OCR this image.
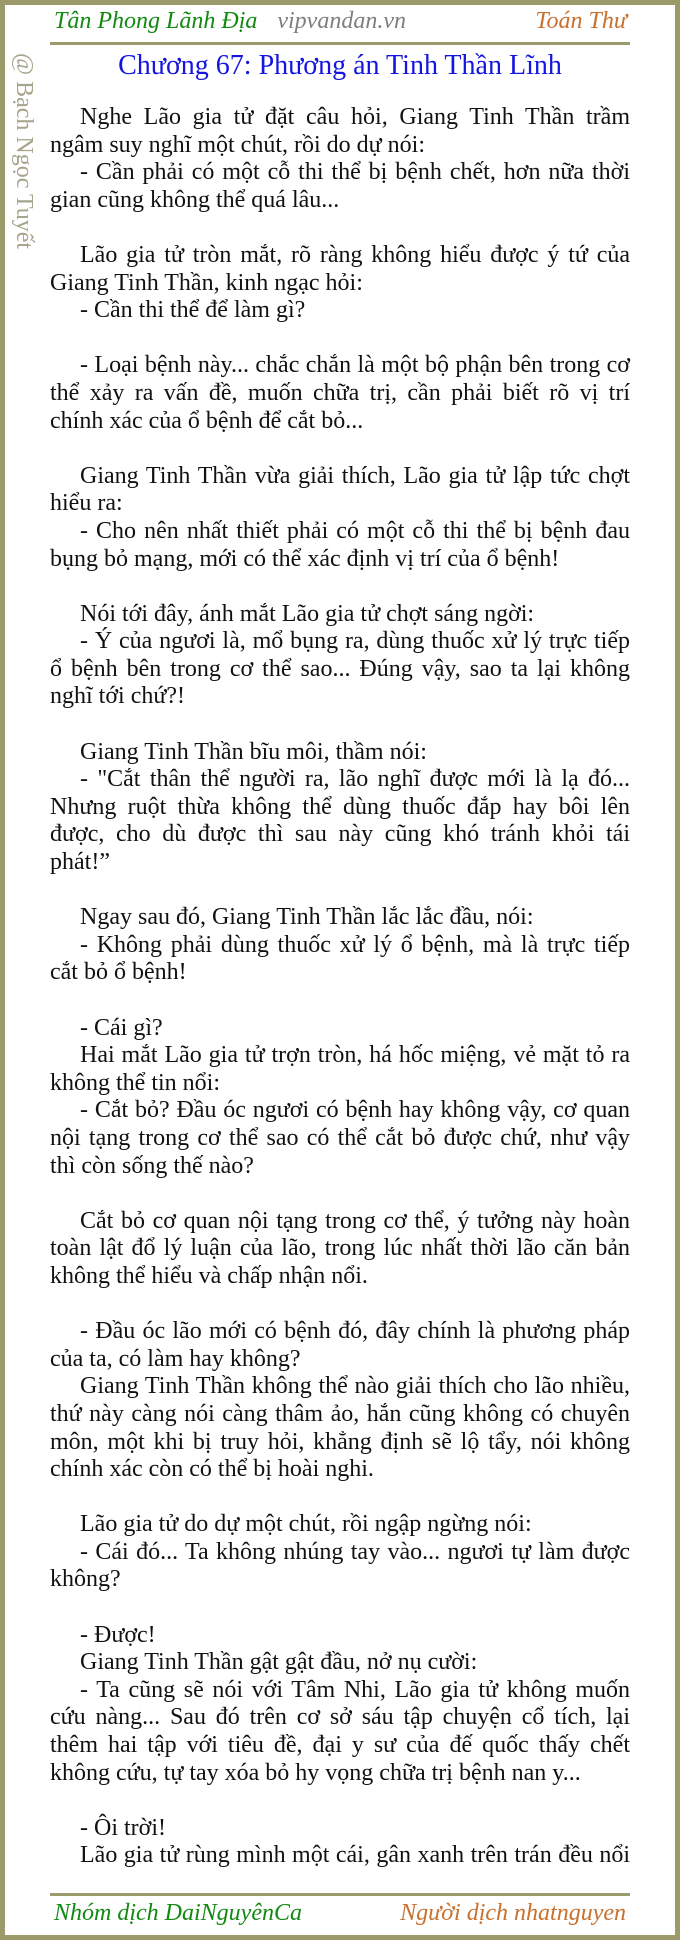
Tân Phong Lãnh Địa vipvandan.vn	Toán Thư
@ Bạch Ngọc Tuyết	Chương 67: Phương án Tinh Thần Lĩnh
Nghe Lão gia tử đặt câu hỏi, Giang Tinh Thần trầm
ngâm suy nghĩ một chút, rồi do dự nói:
- Cần phải có một cỗ thi thể bị bệnh chết, hơn nữa thời
gian cũng không thể quá lâu...
Lão gia tử tròn mắt, rõ ràng không hiểu được ý tứ của
Giang Tinh Thần, kinh ngạc hỏi:
- Cần thi thể để làm gì?
- Loại bệnh này... chắc chắn là một bộ phận bên trong cơ
thể xảy ra vấn đề, muốn chữa trị, cần phải biết rõ vị trí
chính xác của ổ bệnh để cắt bỏ...
Giang Tinh Thần vừa giải thích, Lão gia tử lập tức chợt
hiểu ra:
- Cho nên nhất thiết phải có một cỗ thi thể bị bệnh đau
bụng bỏ mạng, mới có thể xác định vị trí của ổ bệnh!
Nói tới đây, ánh mắt Lão gia tử chợt sáng ngời:
- Ý của ngươi là, mổ bụng ra, dùng thuốc xử lý trực tiếp
ổ bệnh bên trong cơ thể sao... Đúng vậy, sao ta lại không
nghĩ tới chứ?!
Giang Tinh Thần bĩu môi, thầm nói:
- "Cắt thân thể người ra, lão nghĩ được mới là lạ đó...
Nhưng ruột thừa không thể dùng thuốc đắp hay bôi lên
được, cho dù được thì sau này cũng khó tránh khỏi tái
phát!”
Ngay sau đó, Giang Tinh Thần lắc lắc đầu, nói:
- Không phải dùng thuốc xử lý ổ bệnh, mà là trực tiếp
cắt bỏ ổ bệnh!
- Cái gì?
Hai mắt Lão gia tử trợn tròn, há hốc miệng, vẻ mặt tỏ ra
không thể tin nổi:
- Cắt bỏ? Đầu óc ngươi có bệnh hay không vậy, cơ quan
nội tạng trong cơ thể sao có thể cắt bỏ được chứ, như vậy
thì còn sống thế nào?
Cắt bỏ cơ quan nội tạng trong cơ thể, ý tưởng này hoàn
toàn lật đổ lý luận của lão, trong lúc nhất thời lão căn bản
không thể hiểu và chấp nhận nổi.
- Đầu óc lão mới có bệnh đó, đây chính là phương pháp
của ta, có làm hay không?
Giang Tinh Thần không thể nào giải thích cho lão nhiều,
thứ này càng nói càng thâm ảo, hắn cũng không có chuyên
môn, một khi bị truy hỏi, khẳng định sẽ lộ tẩy, nói không
chính xác còn có thể bị hoài nghi.
Lão gia tử do dự một chút, rồi ngập ngừng nói:
- Cái đó... Ta không nhúng tay vào... ngươi tự làm được
không?
- Được!
Giang Tinh Thần gật gật đầu, nở nụ cười:
- Ta cũng sẽ nói với Tâm Nhi, Lão gia tử không muốn
cứu nàng... Sau đó trên cơ sở sáu tập chuyện cổ tích, lại
thêm hai tập với tiêu đề, đại y sư của đế quốc thấy chết
không cứu, tự tay xóa bỏ hy vọng chữa trị bệnh nan y...
- Ôi trời!
Lão gia tử rùng mình một cái, gân xanh trên trán đều nổi
Nhóm dịch DaiNguyênCa	Người dịch nhatnguyen
